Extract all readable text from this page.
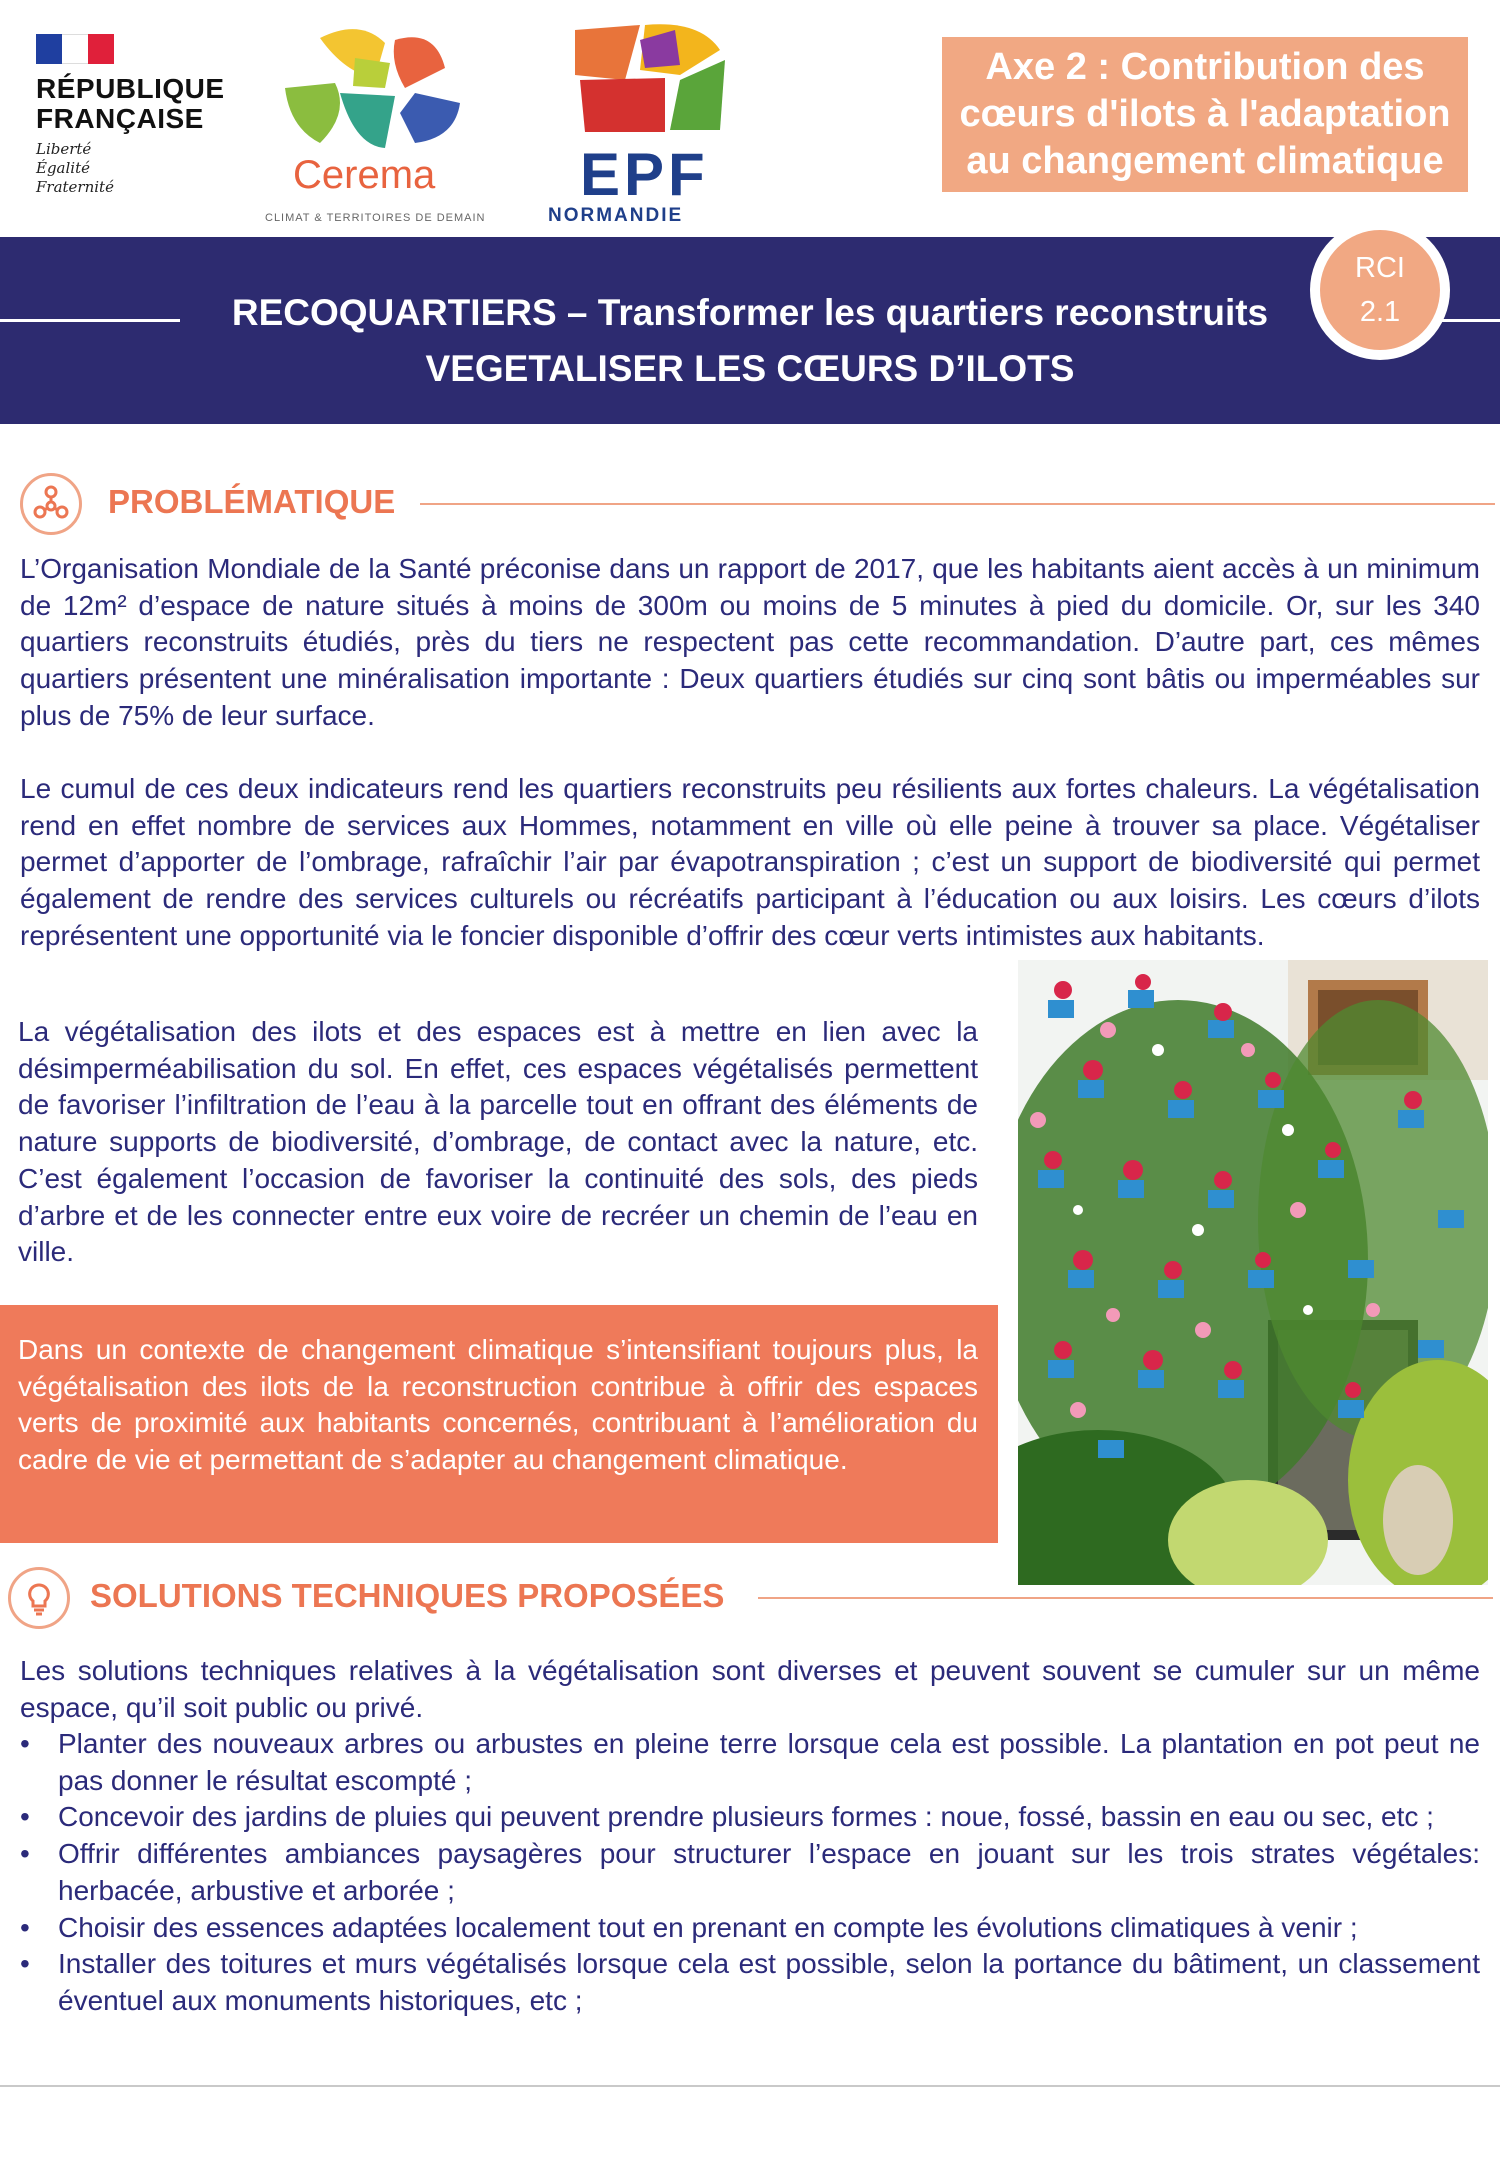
RÉPUBLIQUE
FRANÇAISE
Liberté
Égalité
Fraternité	Cerema
CLIMAT & TERRITOIRES DE DEMAIN
EPF
NORMANDIE
Axe 2 : Contribution des
cœurs d'ilots à l'adaptation
au changement climatique
RECOQUARTIERS – Transformer les quartiers reconstruits
VEGETALISER LES CŒURS D’ILOTS
RCI
2.1
PROBLÉMATIQUE
L’Organisation Mondiale de la Santé préconise dans un rapport de 2017, que les habitants aient accès à un minimum de 12m² d’espace de nature situés à moins de 300m ou moins de 5 minutes à pied du domicile. Or, sur les 340 quartiers reconstruits étudiés, près du tiers ne respectent pas cette recommandation. D’autre part, ces mêmes quartiers présentent une minéralisation importante : Deux quartiers étudiés sur cinq sont bâtis ou imperméables sur plus de 75% de leur surface.
Le cumul de ces deux indicateurs rend les quartiers reconstruits peu résilients aux fortes chaleurs. La végétalisation rend en effet nombre de services aux Hommes, notamment en ville où elle peine à trouver sa place. Végétaliser permet d’apporter de l’ombrage, rafraîchir l’air par évapotranspiration ; c’est un support de biodiversité qui permet également de rendre des services culturels ou récréatifs participant à l’éducation ou aux loisirs. Les cœurs d’ilots représentent une opportunité via le foncier disponible d’offrir des cœur verts intimistes aux habitants.
La végétalisation des ilots et des espaces est à mettre en lien avec la désimperméabilisation du sol. En effet, ces espaces végétalisés permettent de favoriser l’infiltration de l’eau à la parcelle tout en offrant des éléments de nature supports de biodiversité, d’ombrage, de contact avec la nature, etc. C’est également l’occasion de favoriser la continuité des sols, des pieds d’arbre et de les connecter entre eux voire de recréer un chemin de l’eau en ville.
Dans un contexte de changement climatique s’intensifiant toujours plus, la végétalisation des ilots de la reconstruction contribue à offrir des espaces verts de proximité aux habitants concernés, contribuant à l’amélioration du cadre de vie et permettant de s’adapter au changement climatique.
SOLUTIONS TECHNIQUES PROPOSÉES
Les solutions techniques relatives à la végétalisation sont diverses et peuvent souvent se cumuler sur un même espace, qu’il soit public ou privé.
• Planter des nouveaux arbres ou arbustes en pleine terre lorsque cela est possible. La plantation en pot peut ne pas donner le résultat escompté ;
• Concevoir des jardins de pluies qui peuvent prendre plusieurs formes : noue, fossé, bassin en eau ou sec, etc ;
• Offrir différentes ambiances paysagères pour structurer l’espace en jouant sur les trois strates végétales: herbacée, arbustive et arborée ;
• Choisir des essences adaptées localement tout en prenant en compte les évolutions climatiques à venir ;
• Installer des toitures et murs végétalisés lorsque cela est possible, selon la portance du bâtiment, un classement éventuel aux monuments historiques, etc ;
